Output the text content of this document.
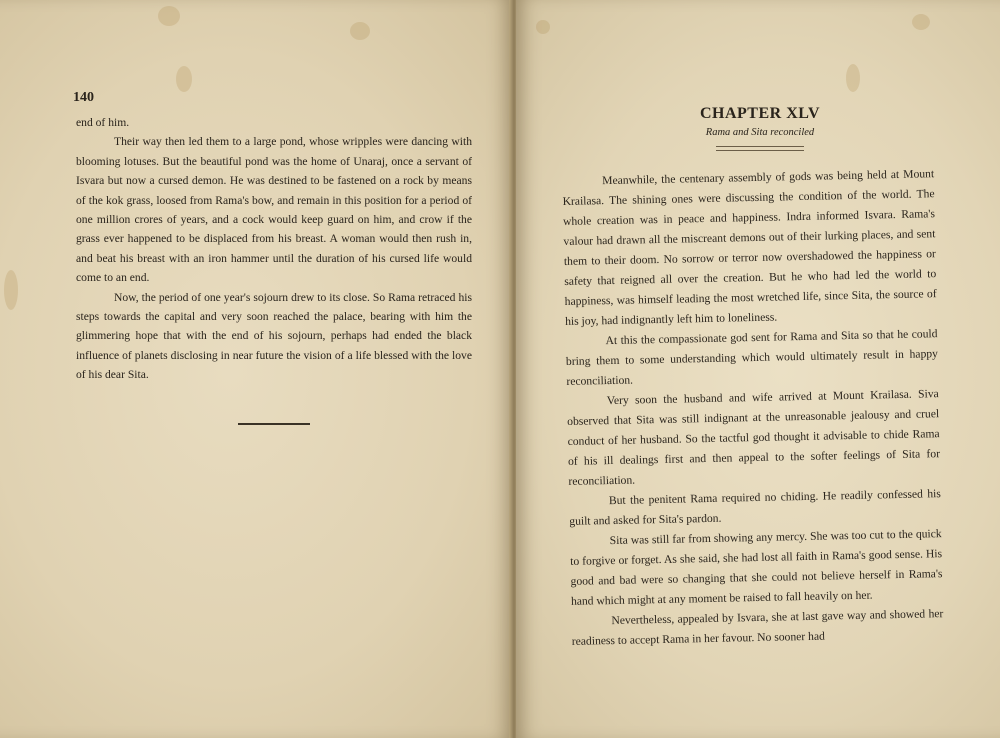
140

end of him.

Their way then led them to a large pond, whose wripples were dancing with blooming lotuses. But the beautiful pond was the home of Unaraj, once a servant of Isvara but now a cursed demon. He was destined to be fastened on a rock by means of the kok grass, loosed from Rama's bow, and remain in this position for a period of one million crores of years, and a cock would keep guard on him, and crow if the grass ever happened to be displaced from his breast. A woman would then rush in, and beat his breast with an iron hammer until the duration of his cursed life would come to an end.

Now, the period of one year's sojourn drew to its close. So Rama retraced his steps towards the capital and very soon reached the palace, bearing with him the glimmering hope that with the end of his sojourn, perhaps had ended the black influence of planets disclosing in near future the vision of a life blessed with the love of his dear Sita.

CHAPTER XLV

Rama and Sita reconciled

Meanwhile, the centenary assembly of gods was being held at Mount Krailasa. The shining ones were discussing the condition of the world. The whole creation was in peace and happiness. Indra informed Isvara. Rama's valour had drawn all the miscreant demons out of their lurking places, and sent them to their doom. No sorrow or terror now overshadowed the happiness or safety that reigned all over the creation. But he who had led the world to happiness, was himself leading the most wretched life, since Sita, the source of his joy, had indignantly left him to loneliness.

At this the compassionate god sent for Rama and Sita so that he could bring them to some understanding which would ultimately result in happy reconciliation.

Very soon the husband and wife arrived at Mount Krailasa. Siva observed that Sita was still indignant at the unreasonable jealousy and cruel conduct of her husband. So the tactful god thought it advisable to chide Rama of his ill dealings first and then appeal to the softer feelings of Sita for reconciliation.

But the penitent Rama required no chiding. He readily confessed his guilt and asked for Sita's pardon.

Sita was still far from showing any mercy. She was too cut to the quick to forgive or forget. As she said, she had lost all faith in Rama's good sense. His good and bad were so changing that she could not believe herself in Rama's hand which might at any moment be raised to fall heavily on her.

Nevertheless, appealed by Isvara, she at last gave way and showed her readiness to accept Rama in her favour. No sooner had
